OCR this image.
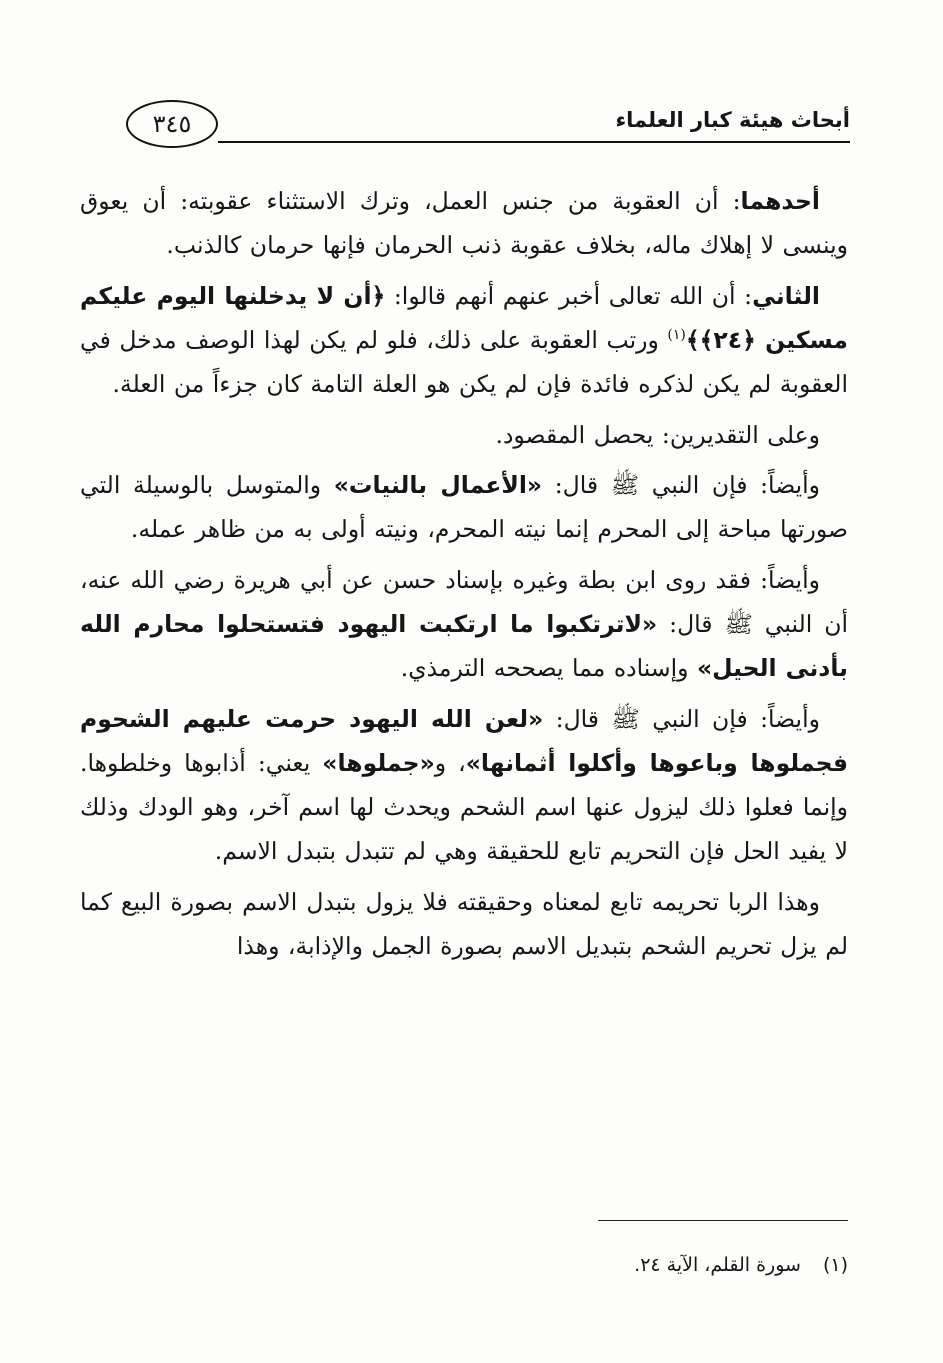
أبحاث هيئة كبار العلماء
٣٤٥

أحدهما: أن العقوبة من جنس العمل، وترك الاستثناء عقوبته: أن يعوق وينسى لا إهلاك ماله، بخلاف عقوبة ذنب الحرمان فإنها حرمان كالذنب.

الثاني: أن الله تعالى أخبر عنهم أنهم قالوا: ﴿أن لا يدخلنها اليوم عليكم مسكين ﴿٢٤﴾﴾$^{(١)}$ ورتب العقوبة على ذلك، فلو لم يكن لهذا الوصف مدخل في العقوبة لم يكن لذكره فائدة فإن لم يكن هو العلة التامة كان جزءاً من العلة.

وعلى التقديرين: يحصل المقصود.

وأيضاً: فإن النبي ﷺ قال: «الأعمال بالنيات» والمتوسل بالوسيلة التي صورتها مباحة إلى المحرم إنما نيته المحرم، ونيته أولى به من ظاهر عمله.

وأيضاً: فقد روى ابن بطة وغيره بإسناد حسن عن أبي هريرة رضي الله عنه، أن النبي ﷺ قال: «لاترتكبوا ما ارتكبت اليهود فتستحلوا محارم الله بأدنى الحيل» وإسناده مما يصححه الترمذي.

وأيضاً: فإن النبي ﷺ قال: «لعن الله اليهود حرمت عليهم الشحوم فجملوها وباعوها وأكلوا أثمانها»، و«جملوها» يعني: أذابوها وخلطوها. وإنما فعلوا ذلك ليزول عنها اسم الشحم ويحدث لها اسم آخر، وهو الودك وذلك لا يفيد الحل فإن التحريم تابع للحقيقة وهي لم تتبدل بتبدل الاسم.

وهذا الربا تحريمه تابع لمعناه وحقيقته فلا يزول بتبدل الاسم بصورة البيع كما لم يزل تحريم الشحم بتبديل الاسم بصورة الجمل والإذابة، وهذا

(١)سورة القلم، الآية ٢٤.
